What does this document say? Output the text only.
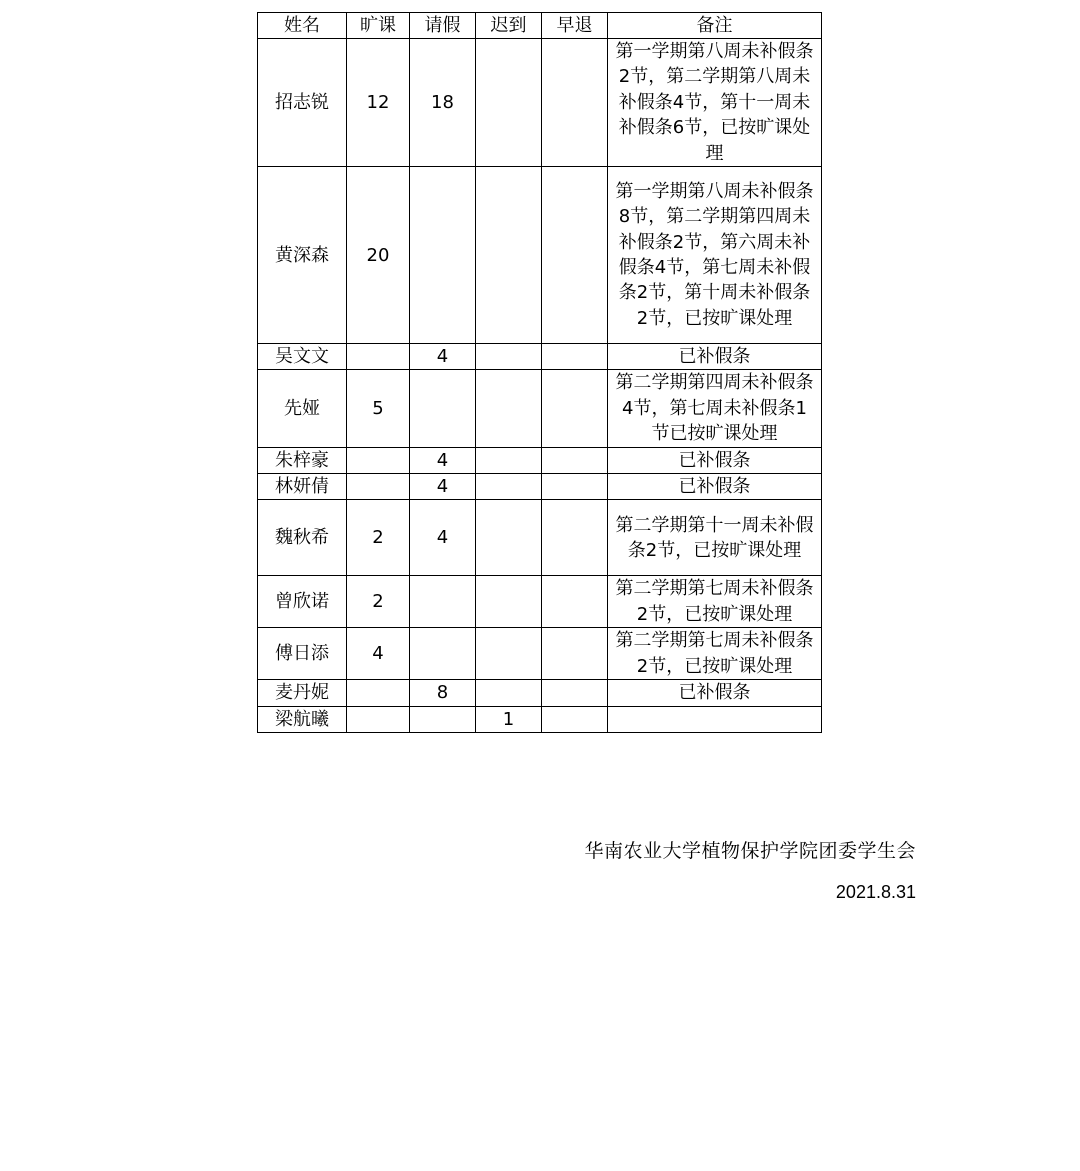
姓名	旷课	请假	迟到	早退	备注
招志锐	12	18			第一学期第八周未补假条2节，第二学期第八周未补假条4节，第十一周未补假条6节，已按旷课处理
黄深森	20				第一学期第八周未补假条8节，第二学期第四周未补假条2节，第六周未补假条4节，第七周未补假条2节，第十周未补假条2节，已按旷课处理
吴文文		4			已补假条
先娅	5				第二学期第四周未补假条4节，第七周未补假条1节已按旷课处理
朱梓豪		4			已补假条
林妍倩		4			已补假条
魏秋希	2	4			第二学期第十一周未补假条2节，已按旷课处理
曾欣诺	2				第二学期第七周未补假条2节，已按旷课处理
傅日添	4				第二学期第七周未补假条2节，已按旷课处理
麦丹妮		8			已补假条
梁航曦			1		
华南农业大学植物保护学院团委学生会
2021.8.31
